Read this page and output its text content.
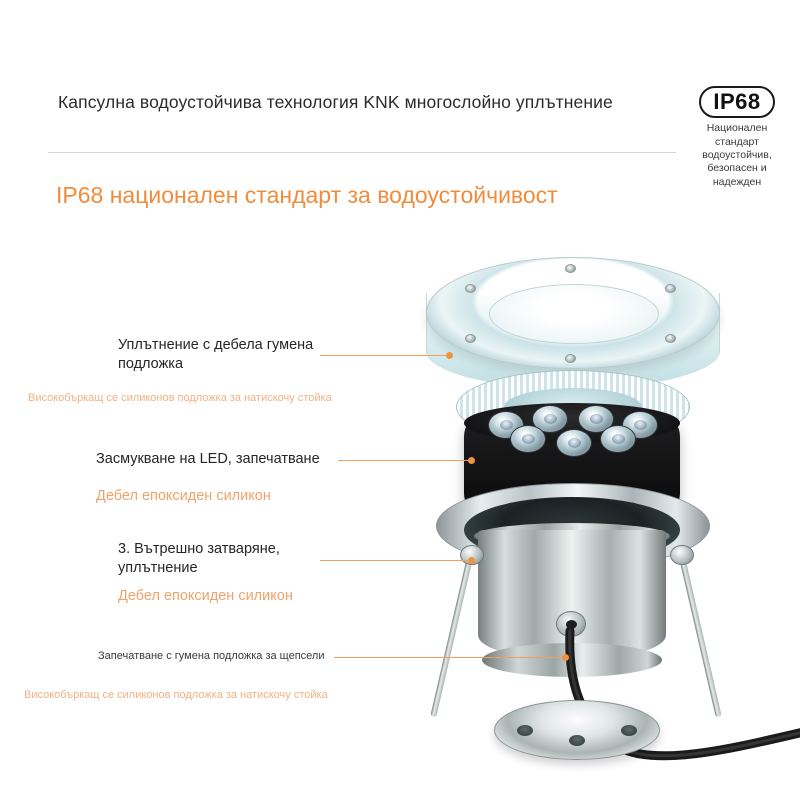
Капсулна водоустойчива технология KNK многослойно уплътнение	IP68
Национален стандарт водоустойчив, безопасен и надежден
IP68 национален стандарт за водоустойчивост
Уплътнение с дебела гумена подложка
Високобъркащ се силиконов подложка за натискочу стойка
Засмукване на LED, запечатване
Дебел епоксиден силикон
3. Вътрешно затваряне, уплътнение
Дебел епоксиден силикон
Запечатване с гумена подложка за щепсели
Високобъркащ се силиконов подложка за натискочу стойка
